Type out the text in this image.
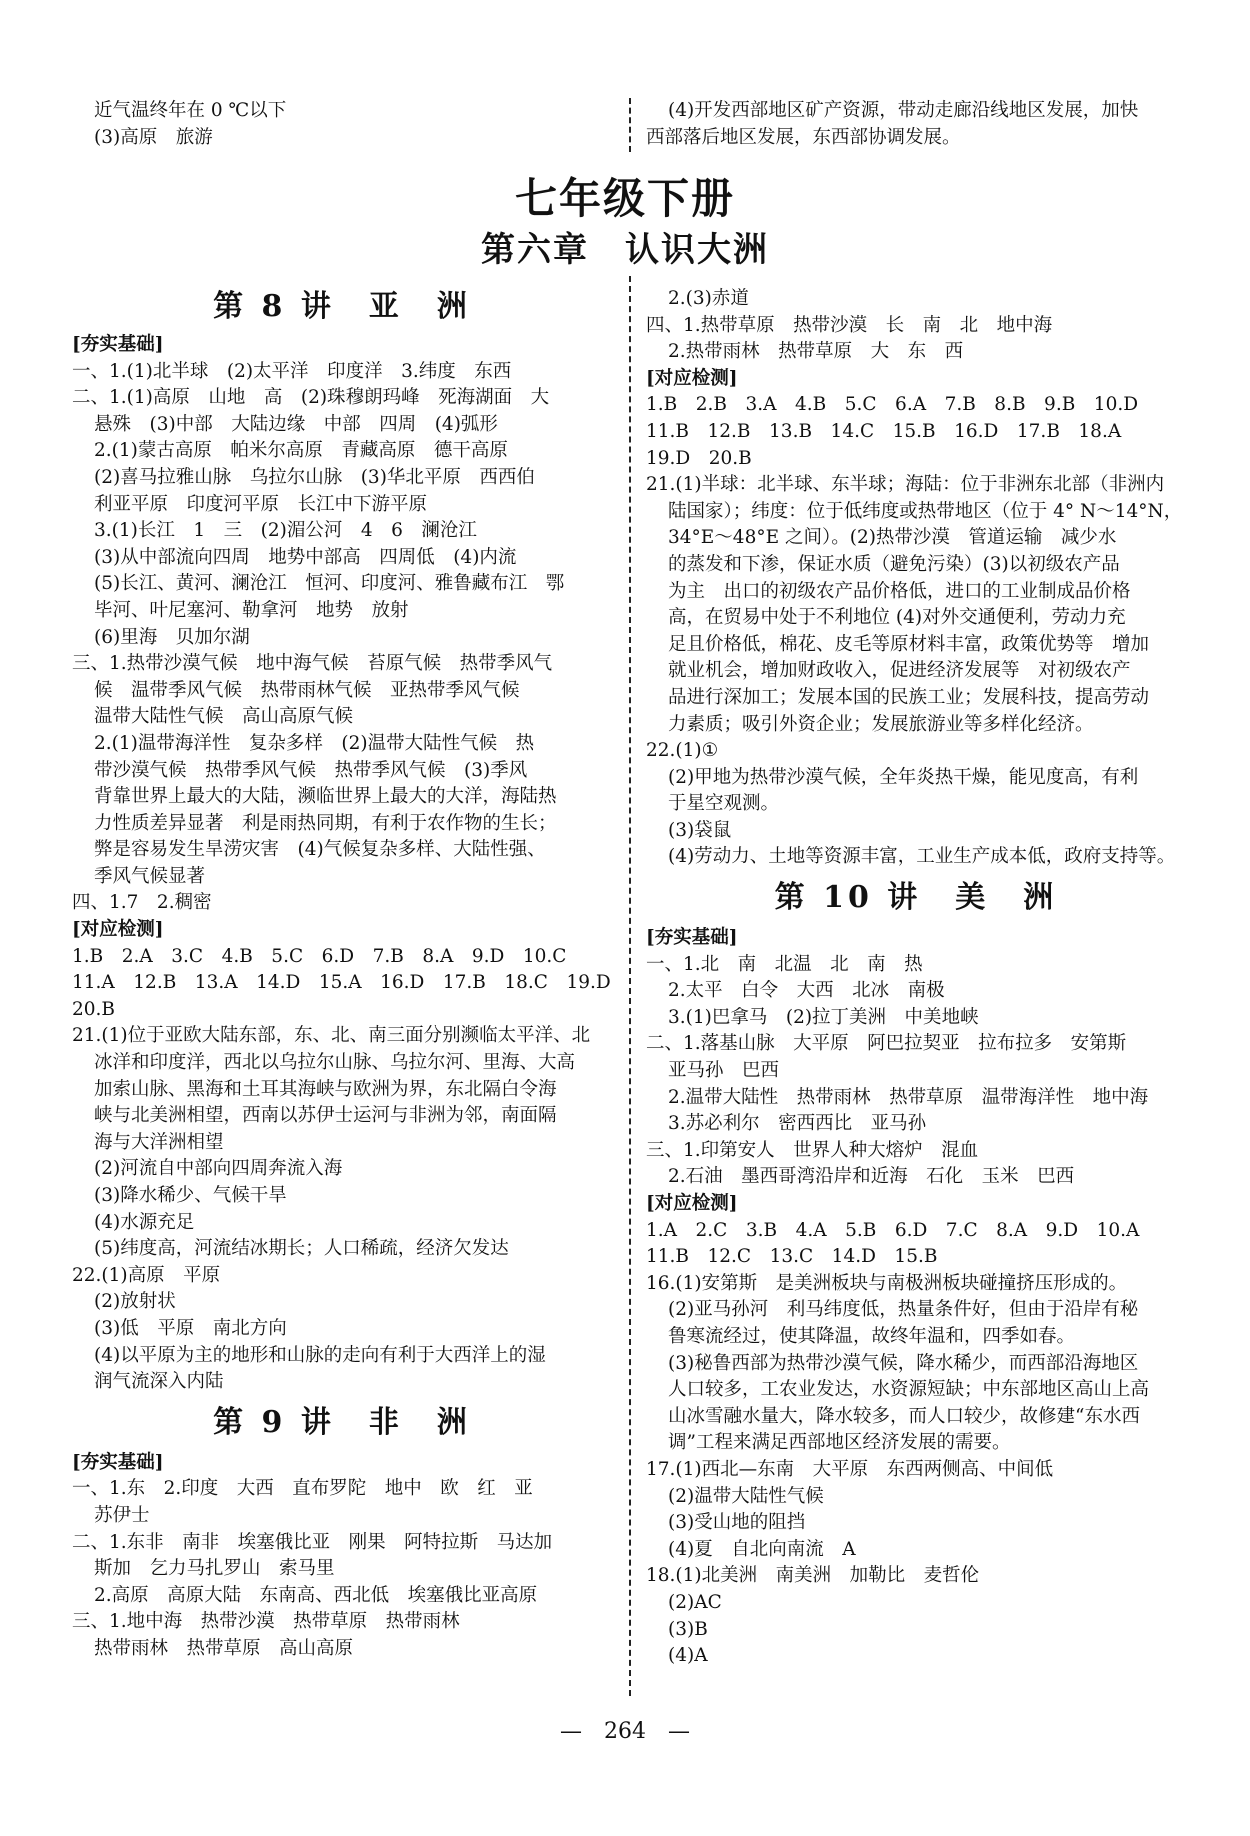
近气温终年在 0 ℃以下
(3)高原　旅游
(4)开发西部地区矿产资源，带动走廊沿线地区发展，加快
西部落后地区发展，东西部协调发展。
七年级下册
第六章　认识大洲
第 8 讲　亚　洲
[夯实基础]
一、1.(1)北半球　(2)太平洋　印度洋　3.纬度　东西
二、1.(1)高原　山地　高　(2)珠穆朗玛峰　死海湖面　大
悬殊　(3)中部　大陆边缘　中部　四周　(4)弧形
2.(1)蒙古高原　帕米尔高原　青藏高原　德干高原
(2)喜马拉雅山脉　乌拉尔山脉　(3)华北平原　西西伯
利亚平原　印度河平原　长江中下游平原
3.(1)长江　1　三　(2)湄公河　4　6　澜沧江
(3)从中部流向四周　地势中部高　四周低　(4)内流
(5)长江、黄河、澜沧江　恒河、印度河、雅鲁藏布江　鄂
毕河、叶尼塞河、勒拿河　地势　放射
(6)里海　贝加尔湖
三、1.热带沙漠气候　地中海气候　苔原气候　热带季风气
候　温带季风气候　热带雨林气候　亚热带季风气候
温带大陆性气候　高山高原气候
2.(1)温带海洋性　复杂多样　(2)温带大陆性气候　热
带沙漠气候　热带季风气候　热带季风气候　(3)季风
背靠世界上最大的大陆，濒临世界上最大的大洋，海陆热
力性质差异显著　利是雨热同期，有利于农作物的生长；
弊是容易发生旱涝灾害　(4)气候复杂多样、大陆性强、
季风气候显著
四、1.7　2.稠密
[对应检测]
1.B　2.A　3.C　4.B　5.C　6.D　7.B　8.A　9.D　10.C
11.A　12.B　13.A　14.D　15.A　16.D　17.B　18.C　19.D
20.B
21.(1)位于亚欧大陆东部，东、北、南三面分别濒临太平洋、北
冰洋和印度洋，西北以乌拉尔山脉、乌拉尔河、里海、大高
加索山脉、黑海和土耳其海峡与欧洲为界，东北隔白令海
峡与北美洲相望，西南以苏伊士运河与非洲为邻，南面隔
海与大洋洲相望
(2)河流自中部向四周奔流入海
(3)降水稀少、气候干旱
(4)水源充足
(5)纬度高，河流结冰期长；人口稀疏，经济欠发达
22.(1)高原　平原
(2)放射状
(3)低　平原　南北方向
(4)以平原为主的地形和山脉的走向有利于大西洋上的湿
润气流深入内陆
第 9 讲　非　洲
[夯实基础]
一、1.东　2.印度　大西　直布罗陀　地中　欧　红　亚
苏伊士
二、1.东非　南非　埃塞俄比亚　刚果　阿特拉斯　马达加
斯加　乞力马扎罗山　索马里
2.高原　高原大陆　东南高、西北低　埃塞俄比亚高原
三、1.地中海　热带沙漠　热带草原　热带雨林
热带雨林　热带草原　高山高原
2.(3)赤道
四、1.热带草原　热带沙漠　长　南　北　地中海
2.热带雨林　热带草原　大　东　西
[对应检测]
1.B　2.B　3.A　4.B　5.C　6.A　7.B　8.B　9.B　10.D
11.B　12.B　13.B　14.C　15.B　16.D　17.B　18.A
19.D　20.B
21.(1)半球：北半球、东半球；海陆：位于非洲东北部（非洲内
陆国家）；纬度：位于低纬度或热带地区（位于 4° N～14°N，
34°E～48°E 之间）。(2)热带沙漠　管道运输　减少水
的蒸发和下渗，保证水质（避免污染）(3)以初级农产品
为主　出口的初级农产品价格低，进口的工业制成品价格
高，在贸易中处于不利地位 (4)对外交通便利，劳动力充
足且价格低，棉花、皮毛等原材料丰富，政策优势等　增加
就业机会，增加财政收入，促进经济发展等　对初级农产
品进行深加工；发展本国的民族工业；发展科技，提高劳动
力素质；吸引外资企业；发展旅游业等多样化经济。
22.(1)①
(2)甲地为热带沙漠气候，全年炎热干燥，能见度高，有利
于星空观测。
(3)袋鼠
(4)劳动力、土地等资源丰富，工业生产成本低，政府支持等。
第 10 讲　美　洲
[夯实基础]
一、1.北　南　北温　北　南　热
2.太平　白令　大西　北冰　南极
3.(1)巴拿马　(2)拉丁美洲　中美地峡
二、1.落基山脉　大平原　阿巴拉契亚　拉布拉多　安第斯
亚马孙　巴西
2.温带大陆性　热带雨林　热带草原　温带海洋性　地中海
3.苏必利尔　密西西比　亚马孙
三、1.印第安人　世界人种大熔炉　混血
2.石油　墨西哥湾沿岸和近海　石化　玉米　巴西
[对应检测]
1.A　2.C　3.B　4.A　5.B　6.D　7.C　8.A　9.D　10.A
11.B　12.C　13.C　14.D　15.B
16.(1)安第斯　是美洲板块与南极洲板块碰撞挤压形成的。
(2)亚马孙河　利马纬度低，热量条件好，但由于沿岸有秘
鲁寒流经过，使其降温，故终年温和，四季如春。
(3)秘鲁西部为热带沙漠气候，降水稀少，而西部沿海地区
人口较多，工农业发达，水资源短缺；中东部地区高山上高
山冰雪融水量大，降水较多，而人口较少，故修建“东水西
调”工程来满足西部地区经济发展的需要。
17.(1)西北—东南　大平原　东西两侧高、中间低
(2)温带大陆性气候
(3)受山地的阻挡
(4)夏　自北向南流　A
18.(1)北美洲　南美洲　加勒比　麦哲伦
(2)AC
(3)B
(4)A
—　264　—
